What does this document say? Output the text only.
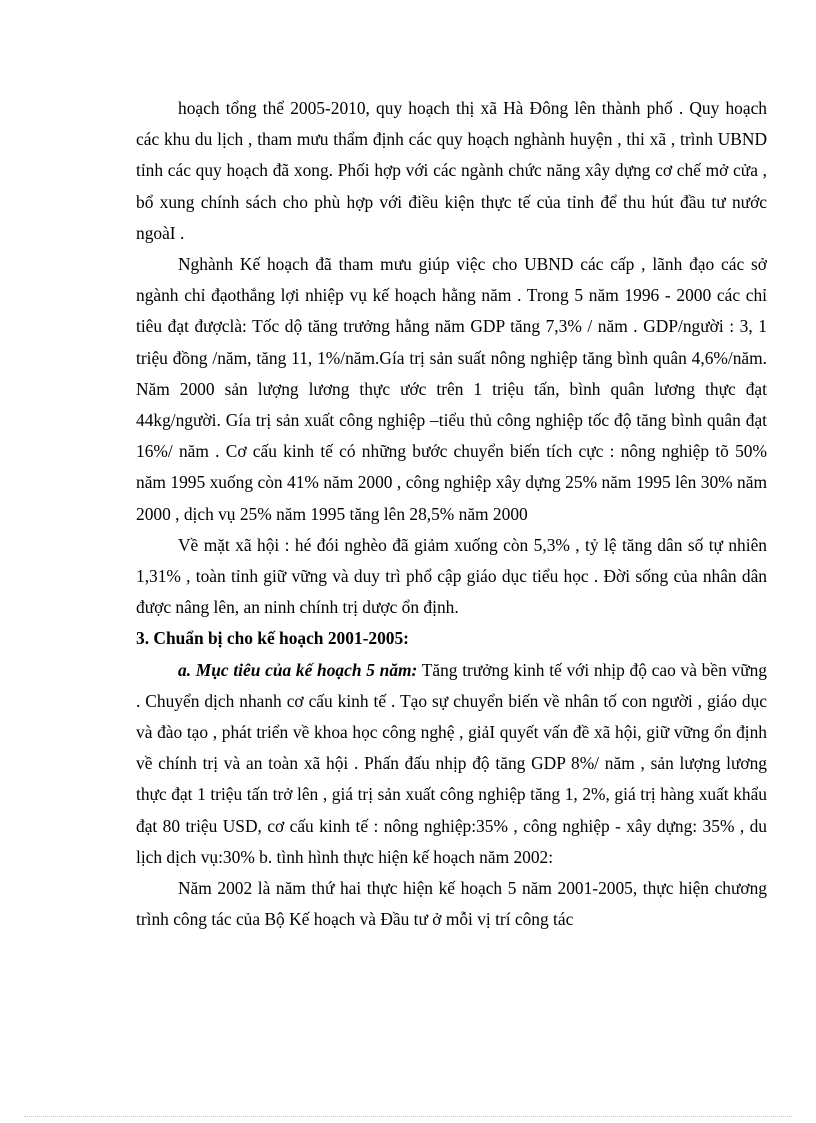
hoạch tổng thể 2005-2010, quy hoạch thị xã Hà Đông lên thành phố . Quy hoạch các khu du lịch , tham mưu thẩm định các quy hoạch nghành huyện , thi xã , trình UBND tỉnh các quy hoạch đã xong. Phối hợp với các ngành chức năng xây dựng cơ chế mở cửa , bổ xung chính sách cho phù hợp với điều kiện thực tế của tỉnh để thu hút đầu tư nước ngoàI .

Nghành Kế hoạch đã tham mưu giúp việc cho UBND các cấp , lãnh đạo các sở ngành chỉ đạothắng lợi nhiệp vụ kế hoạch hằng năm . Trong 5 năm 1996 - 2000 các chỉ tiêu đạt đượclà: Tốc dộ tăng trưởng hằng năm GDP tăng 7,3% / năm . GDP/người : 3, 1 triệu đồng /năm, tăng 11, 1%/năm.Gía trị sản suất nông nghiệp tăng bình quân 4,6%/năm. Năm 2000 sản lượng lương thực ước trên 1 triệu tấn, bình quân lương thực đạt 44kg/người. Gía trị sản xuất công nghiệp –tiểu thủ công nghiệp tốc độ tăng bình quân đạt 16%/ năm . Cơ cấu kinh tế có những bước chuyển biến tích cực : nông nghiệp tõ 50% năm 1995 xuống còn 41% năm 2000 , công nghiệp xây dựng 25% năm 1995 lên 30% năm 2000 , dịch vụ 25% năm 1995 tăng lên 28,5% năm 2000

Về mặt xã hội : hé đói nghèo đã giảm xuống còn 5,3% , tỷ lệ tăng dân số tự nhiên 1,31% , toàn tỉnh giữ vững và duy trì phổ cập giáo dục tiểu học . Đời sống của nhân dân được nâng lên, an ninh chính trị dược ổn định.

3. Chuẩn bị cho kế hoạch 2001-2005:

a. Mục tiêu của kế hoạch 5 năm: Tăng trưởng kinh tế với nhịp độ cao và bền vững . Chuyển dịch nhanh cơ cấu kinh tế . Tạo sự chuyển biến về nhân tố con người , giáo dục và đào tạo , phát triển về khoa học công nghệ , giảI quyết vấn đề xã hội, giữ vững ổn định về chính trị và an toàn xã hội . Phấn đấu nhịp độ tăng GDP 8%/ năm , sản lượng lương thực đạt 1 triệu tấn trở lên , giá trị sản xuất công nghiệp tăng 1, 2%, giá trị hàng xuất khẩu đạt 80 triệu USD, cơ cấu kinh tế : nông nghiệp:35% , công nghiệp - xây dựng: 35% , du lịch dịch vụ:30% b. tình hình thực hiện kế hoạch năm 2002:

Năm 2002 là năm thứ hai thực hiện kế hoạch 5 năm 2001-2005, thực hiện chương trình công tác của Bộ Kế hoạch và Đầu tư ở mỗi vị trí công tác
